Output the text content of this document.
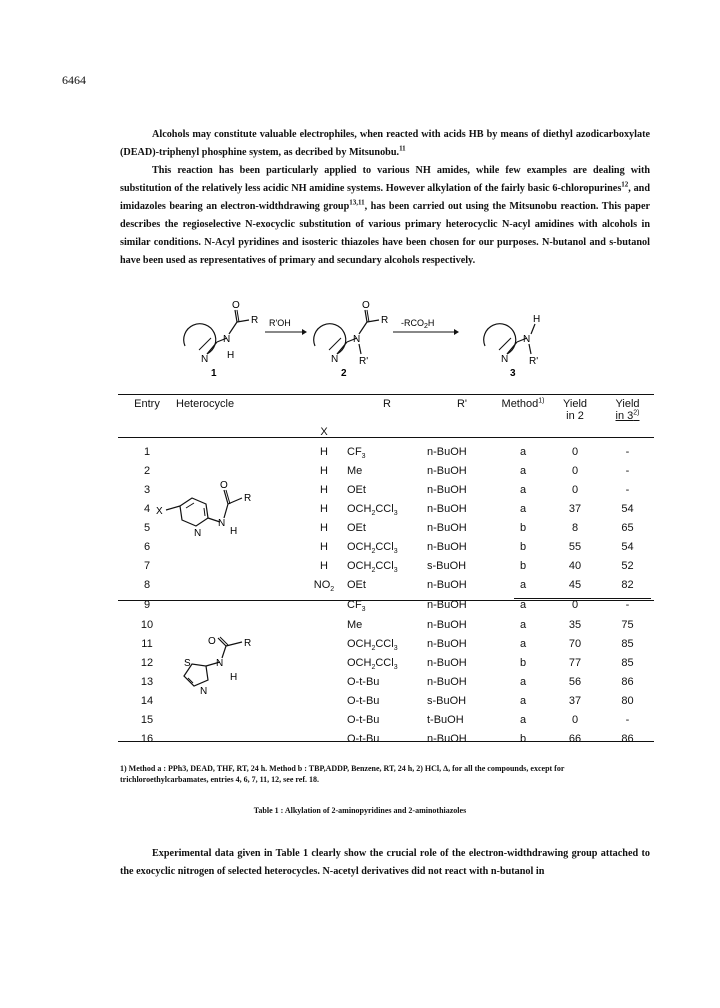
6464

Alcohols may constitute valuable electrophiles, when reacted with acids HB by means of diethyl azodicarboxylate (DEAD)-triphenyl phosphine system, as decribed by Mitsunobu.$^{11}$

This reaction has been particularly applied to various NH amides, while few examples are dealing with substitution of the relatively less acidic NH amidine systems. However alkylation of the fairly basic 6-chloropurines$^{12}$, and imidazoles bearing an electron-widthdrawing group$^{13,11}$, has been carried out using the Mitsunobu reaction. This paper describes the regioselective N-exocyclic substitution of various primary heterocyclic N-acyl amidines with alcohols in similar conditions. N-Acyl pyridines and isosteric thiazoles have been chosen for our purposes. N-butanol and s-butanol have been used as representatives of primary and secundary alcohols respectively.

O
R
N
N H
1
R'OH
O
R
N
N R'
2
$-RCO_2H$	H
N
N R'
3
Entry	Heterocycle		R	R'	Method$^{1)}$	Yield
in 2	Yield
in 3$^{2)}$
		X					
1		H	$CF_3$	n-BuOH	a	0	-
2		H	Me	n-BuOH	a	0	-
3		H	OEt	n-BuOH	a	0	-
4		H	$OCH_2CCl_3$	n-BuOH	a	37	54
5		H	OEt	n-BuOH	b	8	65
6		H	$OCH_2CCl_3$	n-BuOH	b	55	54
7		H	$OCH_2CCl_3$	s-BuOH	b	40	52
8		$NO_2$	OEt	n-BuOH	a	45	82
9			$CF_3$	n-BuOH	a	0	-
10			Me	n-BuOH	a	35	75
11			$OCH_2CCl_3$	n-BuOH	a	70	85
12			$OCH_2CCl_3$	n-BuOH	b	77	85
13			O-t-Bu	n-BuOH	a	56	86
14			O-t-Bu	s-BuOH	a	37	80
15			O-t-Bu	t-BuOH	a	0	-
16			O-t-Bu	n-BuOH	b	66	86
X
O
R
N
N	H
S
O	R
N
N
H

1) Method a : PPh3, DEAD, THF, RT, 24 h. Method b : TBP,ADDP, Benzene, RT, 24 h, 2) HCl, Δ, for all the compounds, except for trichloroethylcarbamates, entries 4, 6, 7, 11, 12, see ref. 18.

Table 1 : Alkylation of 2-aminopyridines and 2-aminothiazoles

Experimental data given in Table 1 clearly show the crucial role of the electron-widthdrawing group attached to the exocyclic nitrogen of selected heterocycles. N-acetyl derivatives did not react with n-butanol in
